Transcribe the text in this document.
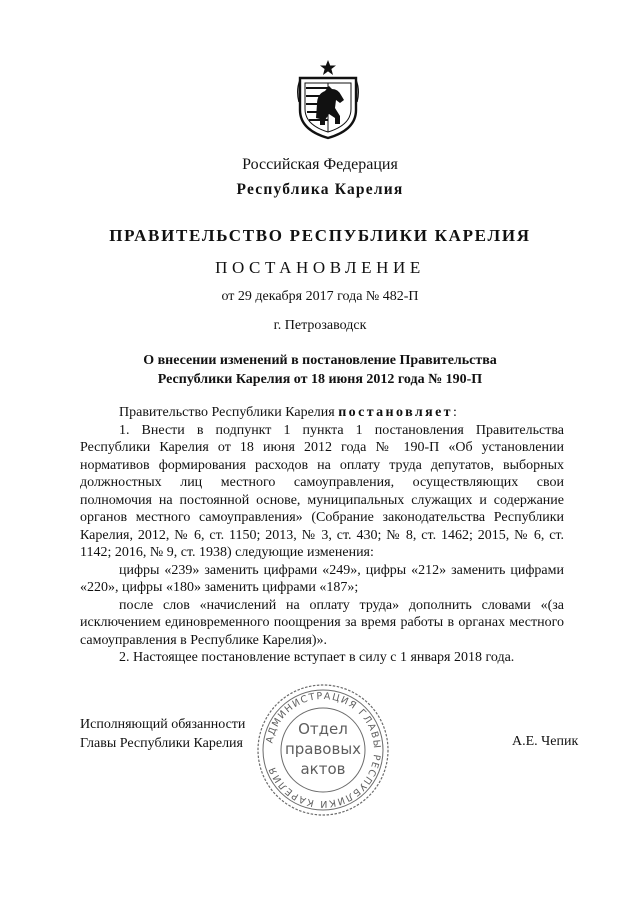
Российская Федерация
Республика Карелия
ПРАВИТЕЛЬСТВО РЕСПУБЛИКИ КАРЕЛИЯ
ПОСТАНОВЛЕНИЕ
от 29 декабря 2017 года № 482-П
г. Петрозаводск
О внесении изменений в постановление Правительства
Республики Карелия от 18 июня 2012 года № 190-П

Правительство Республики Карелия постановляет:

1. Внести в подпункт 1 пункта 1 постановления Правительства Республики Карелия от 18 июня 2012 года № 190-П «Об установлении нормативов формирования расходов на оплату труда депутатов, выборных должностных лиц местного самоуправления, осуществляющих свои полномочия на постоянной основе, муниципальных служащих и содержание органов местного самоуправления» (Собрание законодательства Республики Карелия, 2012, № 6, ст. 1150; 2013, № 3, ст. 430; № 8, ст. 1462; 2015, № 6, ст. 1142; 2016, № 9, ст. 1938) следующие изменения:

цифры «239» заменить цифрами «249», цифры «212» заменить цифрами «220», цифры «180» заменить цифрами «187»;

после слов «начислений на оплату труда» дополнить словами «(за исключением единовременного поощрения за время работы в органах местного самоуправления в Республике Карелия)».

2. Настоящее постановление вступает в силу с 1 января 2018 года.

Исполняющий обязанности
Главы Республики Карелия	А.Е. Чепик
АДМИНИСТРАЦИЯ ГЛАВЫ РЕСПУБЛИКИ КАРЕЛИЯ
Отдел
правовых
актов
